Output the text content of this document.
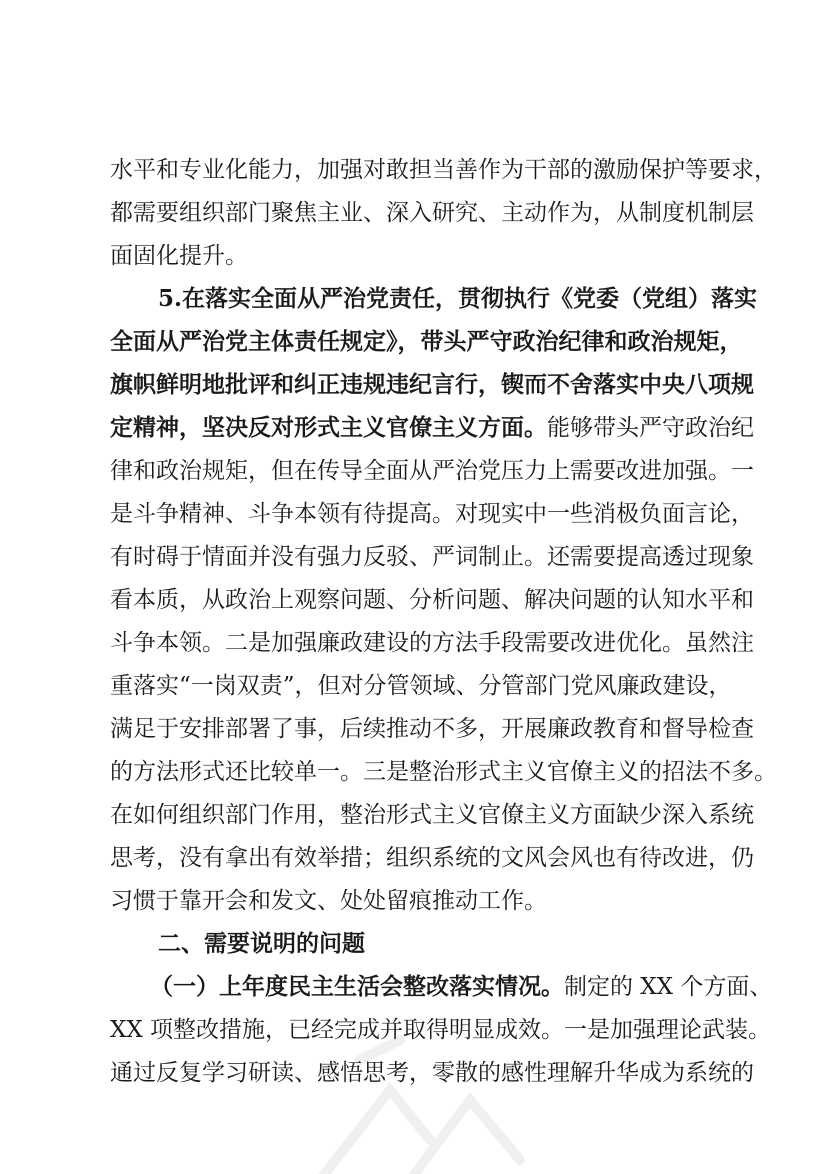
水平和专业化能力，加强对敢担当善作为干部的激励保护等要求，
都需要组织部门聚焦主业、深入研究、主动作为，从制度机制层
面固化提升。
5.在落实全面从严治党责任，贯彻执行《党委（党组）落实
全面从严治党主体责任规定》，带头严守政治纪律和政治规矩，
旗帜鲜明地批评和纠正违规违纪言行，锲而不舍落实中央八项规
定精神，坚决反对形式主义官僚主义方面。能够带头严守政治纪
律和政治规矩，但在传导全面从严治党压力上需要改进加强。一
是斗争精神、斗争本领有待提高。对现实中一些消极负面言论，
有时碍于情面并没有强力反驳、严词制止。还需要提高透过现象
看本质，从政治上观察问题、分析问题、解决问题的认知水平和
斗争本领。二是加强廉政建设的方法手段需要改进优化。虽然注
重落实“一岗双责”，但对分管领域、分管部门党风廉政建设，
满足于安排部署了事，后续推动不多，开展廉政教育和督导检查
的方法形式还比较单一。三是整治形式主义官僚主义的招法不多。
在如何组织部门作用，整治形式主义官僚主义方面缺少深入系统
思考，没有拿出有效举措；组织系统的文风会风也有待改进，仍
习惯于靠开会和发文、处处留痕推动工作。
二、需要说明的问题
（一）上年度民主生活会整改落实情况。制定的 XX 个方面、
XX 项整改措施，已经完成并取得明显成效。一是加强理论武装。
通过反复学习研读、感悟思考，零散的感性理解升华成为系统的
